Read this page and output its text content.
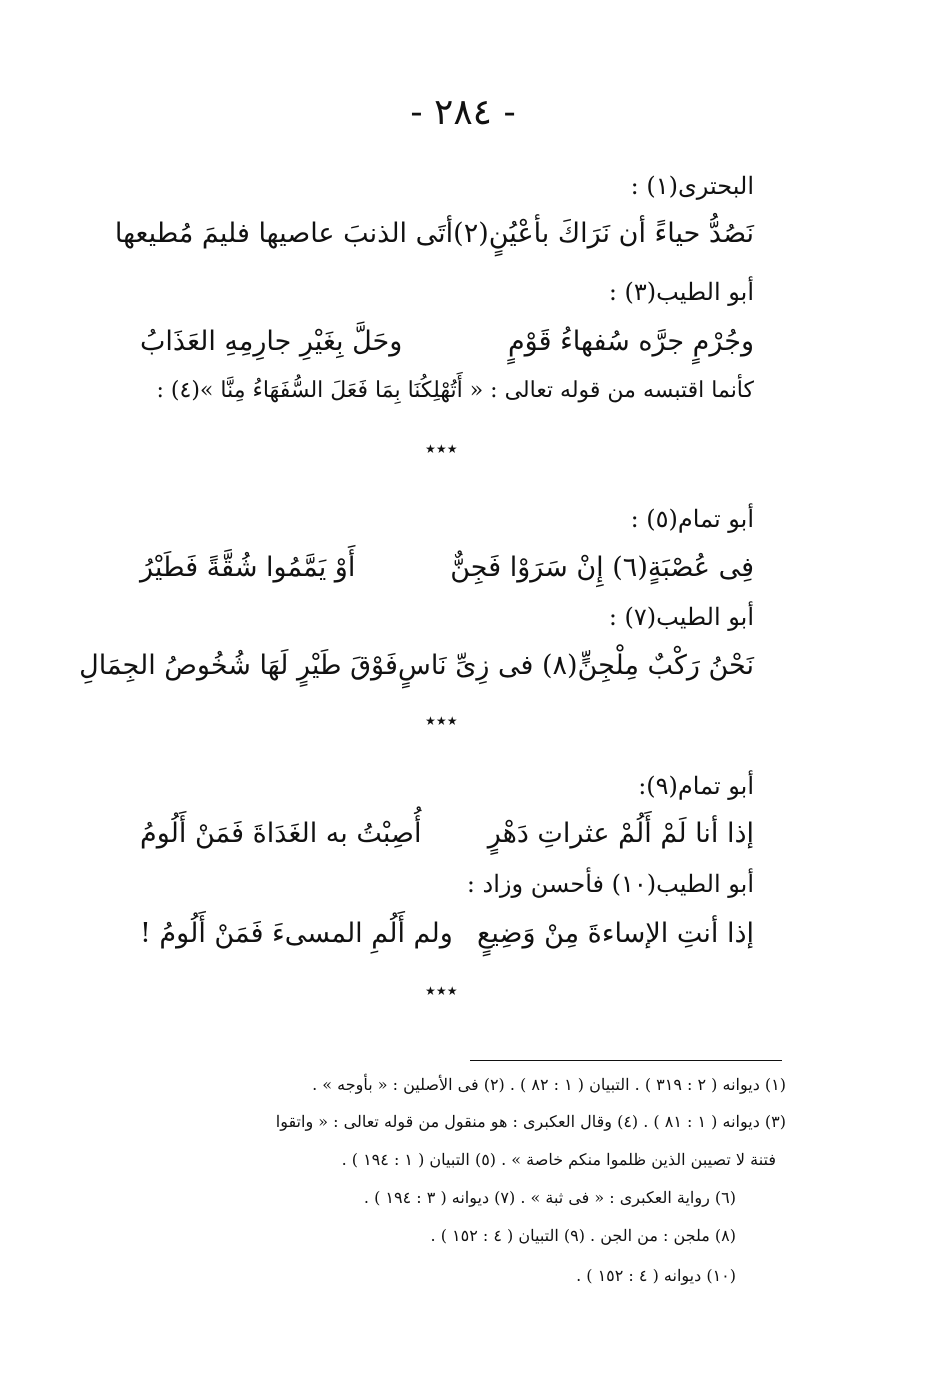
- ٢٨٤ -
البحترى(١) :
نَصُدُّ حياءً أن نَرَاكَ بأعْيُنٍ(٢)
أتَى الذنبَ عاصيها فليمَ مُطيعها
أبو الطيب(٣) :
وجُرْمٍ جرَّه سُفهاءُ قَوْمٍ
وحَلَّ بِغَيْرِ جارِمِهِ العَذَابُ
كأنما اقتبسه من قوله تعالى : « أَتُهْلِكُنَا بِمَا فَعَلَ السُّفَهَاءُ مِنَّا »(٤) :
٭٭٭
أبو تمام(٥) :
فِى عُصْبَةٍ(٦) إِنْ سَرَوْا فَجِنٌّ
أَوْ يَمَّمُوا شُقَّةً فَطَيْرُ
أبو الطيب(٧) :
نَحْنُ رَكْبٌ مِلْجِنٍّ(٨) فى زِىِّ نَاسٍ
فَوْقَ طَيْرٍ لَهَا شُخُوصُ الجِمَالِ
٭٭٭
أبو تمام(٩):
إذا أنا لَمْ أَلُمْ عثراتِ دَهْرٍ
أُصِبْتُ به الغَدَاةَ فَمَنْ أَلُومُ
أبو الطيب(١٠) فأحسن وزاد :
إذا أنتِ الإساءةَ مِنْ وَضِيعٍ
ولم أَلُمِ المسىءَ فَمَنْ أَلُومُ !
٭٭٭
(١) ديوانه ( ٢ : ٣١٩ ) . التبيان ( ١ : ٨٢ ) . (٢) فى الأصلين : « بأوجه » .
(٣) ديوانه ( ١ : ٨١ ) . (٤) وقال العكبرى : هو منقول من قوله تعالى : « واتقوا
فتنة لا تصيبن الذين ظلموا منكم خاصة » . (٥) التبيان ( ١ : ١٩٤ ) .
(٦) رواية العكبرى : « فى ثبة » . (٧) ديوانه ( ٣ : ١٩٤ ) .
(٨) ملجن : من الجن . (٩) التبيان ( ٤ : ١٥٢ ) .
(١٠) ديوانه ( ٤ : ١٥٢ ) .
